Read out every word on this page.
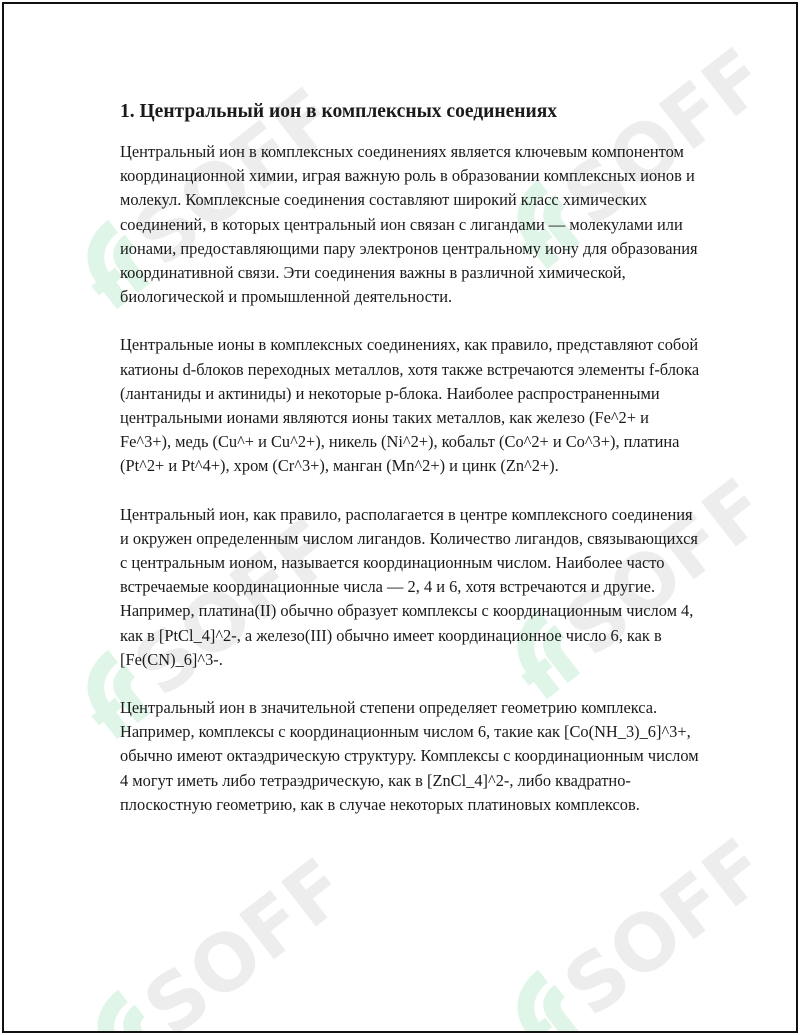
SOFF
1. Центральный ион в комплексных соединениях

Центральный ион в комплексных соединениях является ключевым компонентом координационной химии, играя важную роль в образовании комплексных ионов и молекул. Комплексные соединения составляют широкий класс химических соединений, в которых центральный ион связан с лигандами — молекулами или ионами, предоставляющими пару электронов центральному иону для образования координативной связи. Эти соединения важны в различной химической, биологической и промышленной деятельности.

Центральные ионы в комплексных соединениях, как правило, представляют собой катионы d-блоков переходных металлов, хотя также встречаются элементы f-блока (лантаниды и актиниды) и некоторые p-блока. Наиболее распространенными центральными ионами являются ионы таких металлов, как железо (Fe^2+ и Fe^3+), медь (Cu^+ и Cu^2+), никель (Ni^2+), кобальт (Co^2+ и Co^3+), платина (Pt^2+ и Pt^4+), хром (Cr^3+), манган (Mn^2+) и цинк (Zn^2+).

Центральный ион, как правило, располагается в центре комплексного соединения и окружен определенным числом лигандов. Количество лигандов, связывающихся с центральным ионом, называется координационным числом. Наиболее часто встречаемые координационные числа — 2, 4 и 6, хотя встречаются и другие. Например, платина(II) обычно образует комплексы с координационным числом 4, как в [PtCl_4]^2-, а железо(III) обычно имеет координационное число 6, как в [Fe(CN)_6]^3-.

Центральный ион в значительной степени определяет геометрию комплекса. Например, комплексы с координационным числом 6, такие как [Co(NH_3)_6]^3+, обычно имеют октаэдрическую структуру. Комплексы с координационным числом 4 могут иметь либо тетраэдрическую, как в [ZnCl_4]^2-, либо квадратно-плоскостную геометрию, как в случае некоторых платиновых комплексов.
